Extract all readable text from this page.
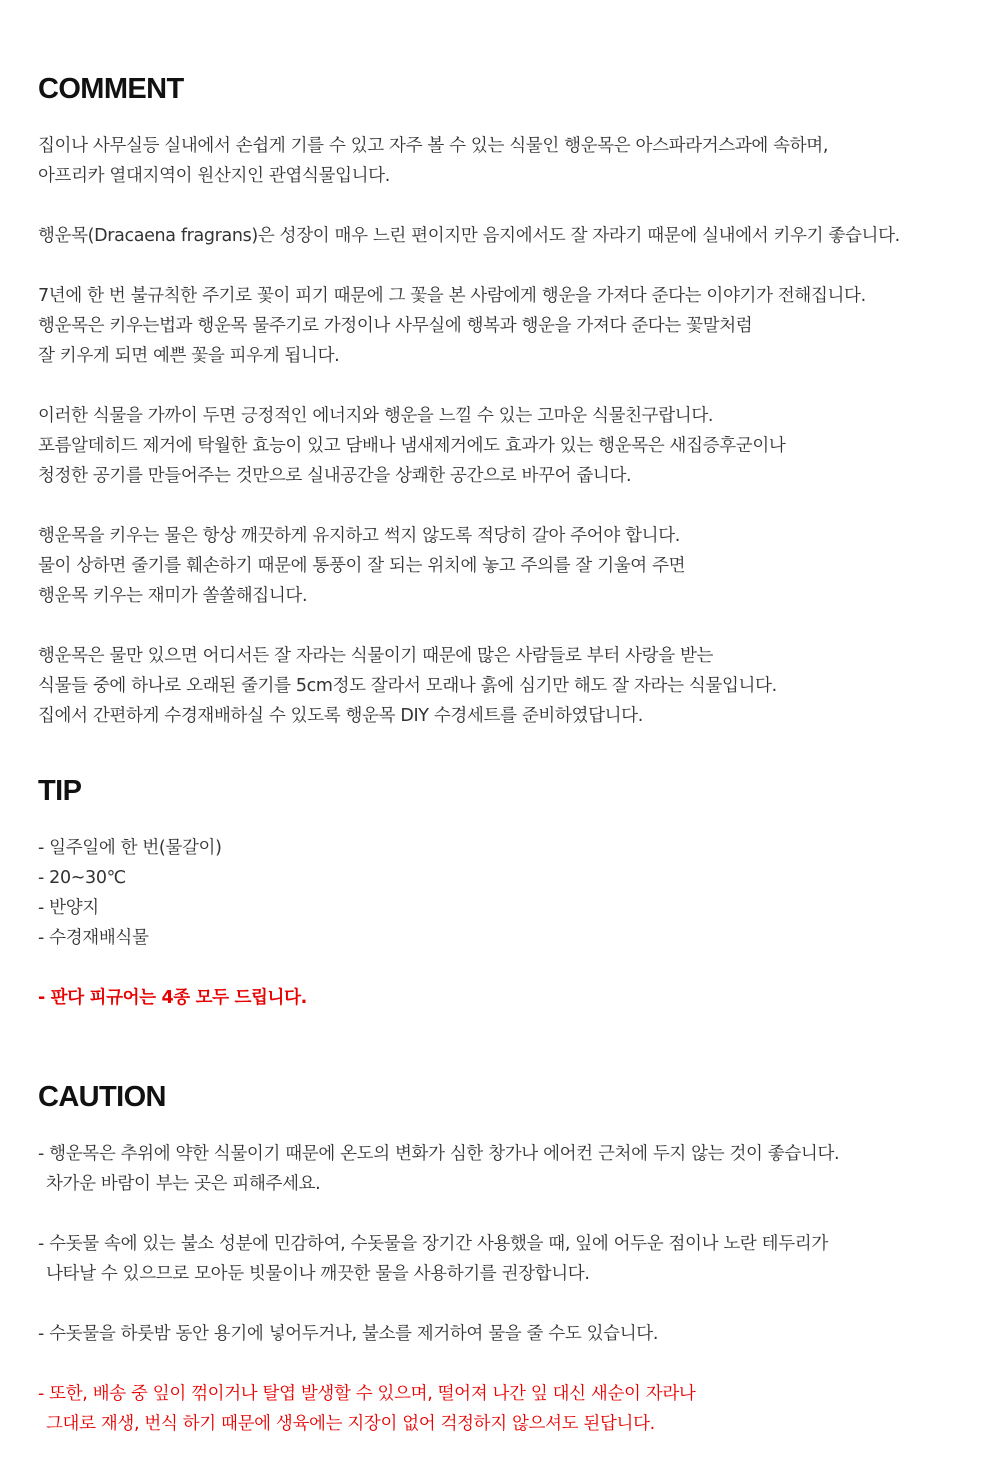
COMMENT
집이나 사무실등 실내에서 손쉽게 기를 수 있고 자주 볼 수 있는 식물인 행운목은 아스파라거스과에 속하며,
아프리카 열대지역이 원산지인 관엽식물입니다.
행운목(Dracaena fragrans)은 성장이 매우 느린 편이지만 음지에서도 잘 자라기 때문에 실내에서 키우기 좋습니다.
7년에 한 번 불규칙한 주기로 꽃이 피기 때문에 그 꽃을 본 사람에게 행운을 가져다 준다는 이야기가 전해집니다.
행운목은 키우는법과 행운목 물주기로 가정이나 사무실에 행복과 행운을 가져다 준다는 꽃말처럼
잘 키우게 되면 예쁜 꽃을 피우게 됩니다.
이러한 식물을 가까이 두면 긍정적인 에너지와 행운을 느낄 수 있는 고마운 식물친구랍니다.
포름알데히드 제거에 탁월한 효능이 있고 담배나 냄새제거에도 효과가 있는 행운목은 새집증후군이나
청정한 공기를 만들어주는 것만으로 실내공간을 상쾌한 공간으로 바꾸어 줍니다.
행운목을 키우는 물은 항상 깨끗하게 유지하고 썩지 않도록 적당히 갈아 주어야 합니다.
물이 상하면 줄기를 훼손하기 때문에 통풍이 잘 되는 위치에 놓고 주의를 잘 기울여 주면
행운목 키우는 재미가 쏠쏠해집니다.
행운목은 물만 있으면 어디서든 잘 자라는 식물이기 때문에 많은 사람들로 부터 사랑을 받는
식물들 중에 하나로 오래된 줄기를 5cm정도 잘라서 모래나 흙에 심기만 해도 잘 자라는 식물입니다.
집에서 간편하게 수경재배하실 수 있도록 행운목 DIY 수경세트를 준비하였답니다.
TIP
- 일주일에 한 번(물갈이)
- 20~30℃
- 반양지
- 수경재배식물
- 판다 피규어는 4종 모두 드립니다.
CAUTION
- 행운목은 추위에 약한 식물이기 때문에 온도의 변화가 심한 창가나 에어컨 근처에 두지 않는 것이 좋습니다.
차가운 바람이 부는 곳은 피해주세요.
- 수돗물 속에 있는 불소 성분에 민감하여, 수돗물을 장기간 사용했을 때, 잎에 어두운 점이나 노란 테두리가
나타날 수 있으므로 모아둔 빗물이나 깨끗한 물을 사용하기를 권장합니다.
- 수돗물을 하룻밤 동안 용기에 넣어두거나, 불소를 제거하여 물을 줄 수도 있습니다.
- 또한, 배송 중 잎이 꺾이거나 탈엽 발생할 수 있으며, 떨어져 나간 잎 대신 새순이 자라나
그대로 재생, 번식 하기 때문에 생육에는 지장이 없어 걱정하지 않으셔도 된답니다.
